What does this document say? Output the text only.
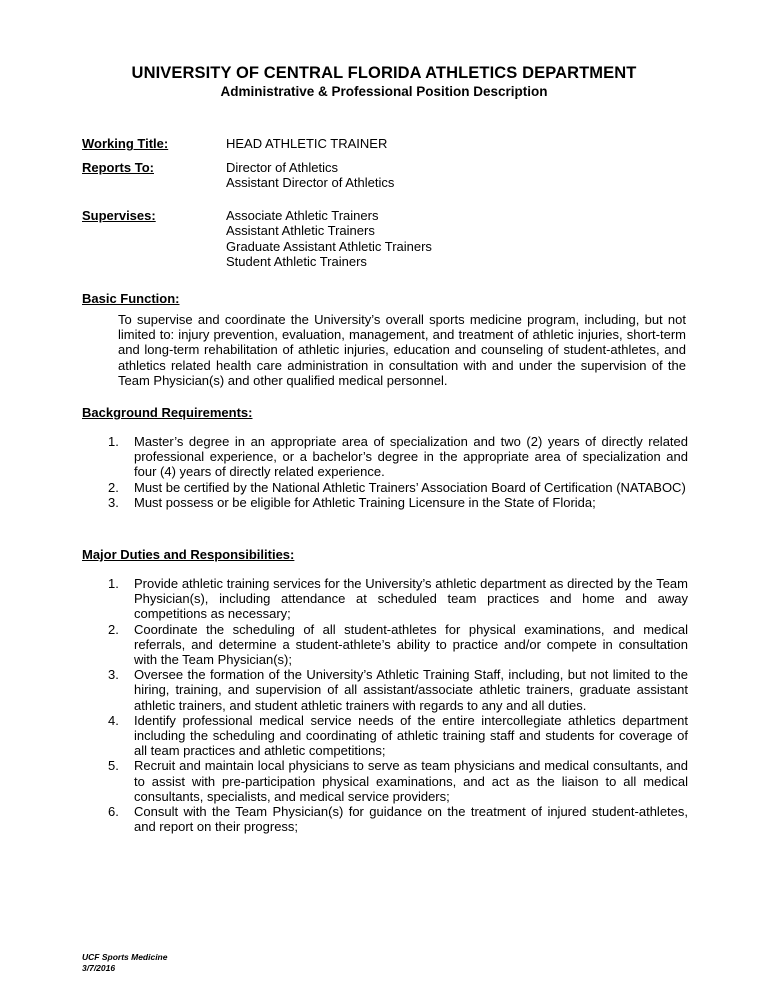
UNIVERSITY OF CENTRAL FLORIDA ATHLETICS DEPARTMENT
Administrative & Professional Position Description
Working Title:	HEAD ATHLETIC TRAINER
Reports To:	Director of Athletics
Assistant Director of Athletics
Supervises:	Associate Athletic Trainers
Assistant Athletic Trainers
Graduate Assistant Athletic Trainers
Student Athletic Trainers
Basic Function:
To supervise and coordinate the University’s overall sports medicine program, including, but not limited to: injury prevention, evaluation, management, and treatment of athletic injuries, short-term and long-term rehabilitation of athletic injuries, education and counseling of student-athletes, and athletics related health care administration in consultation with and under the supervision of the Team Physician(s) and other qualified medical personnel.
Background Requirements:
1. Master’s degree in an appropriate area of specialization and two (2) years of directly related professional experience, or a bachelor’s degree in the appropriate area of specialization and four (4) years of directly related experience.
2. Must be certified by the National Athletic Trainers’ Association Board of Certification (NATABOC)
3. Must possess or be eligible for Athletic Training Licensure in the State of Florida;
Major Duties and Responsibilities:
1. Provide athletic training services for the University’s athletic department as directed by the Team Physician(s), including attendance at scheduled team practices and home and away competitions as necessary;
2. Coordinate the scheduling of all student-athletes for physical examinations, and medical referrals, and determine a student-athlete’s ability to practice and/or compete in consultation with the Team Physician(s);
3. Oversee the formation of the University’s Athletic Training Staff, including, but not limited to the hiring, training, and supervision of all assistant/associate athletic trainers, graduate assistant athletic trainers, and student athletic trainers with regards to any and all duties.
4. Identify professional medical service needs of the entire intercollegiate athletics department including the scheduling and coordinating of athletic training staff and students for coverage of all team practices and athletic competitions;
5. Recruit and maintain local physicians to serve as team physicians and medical consultants, and to assist with pre-participation physical examinations, and act as the liaison to all medical consultants, specialists, and medical service providers;
6. Consult with the Team Physician(s) for guidance on the treatment of injured student-athletes, and report on their progress;
UCF Sports Medicine
3/7/2016
